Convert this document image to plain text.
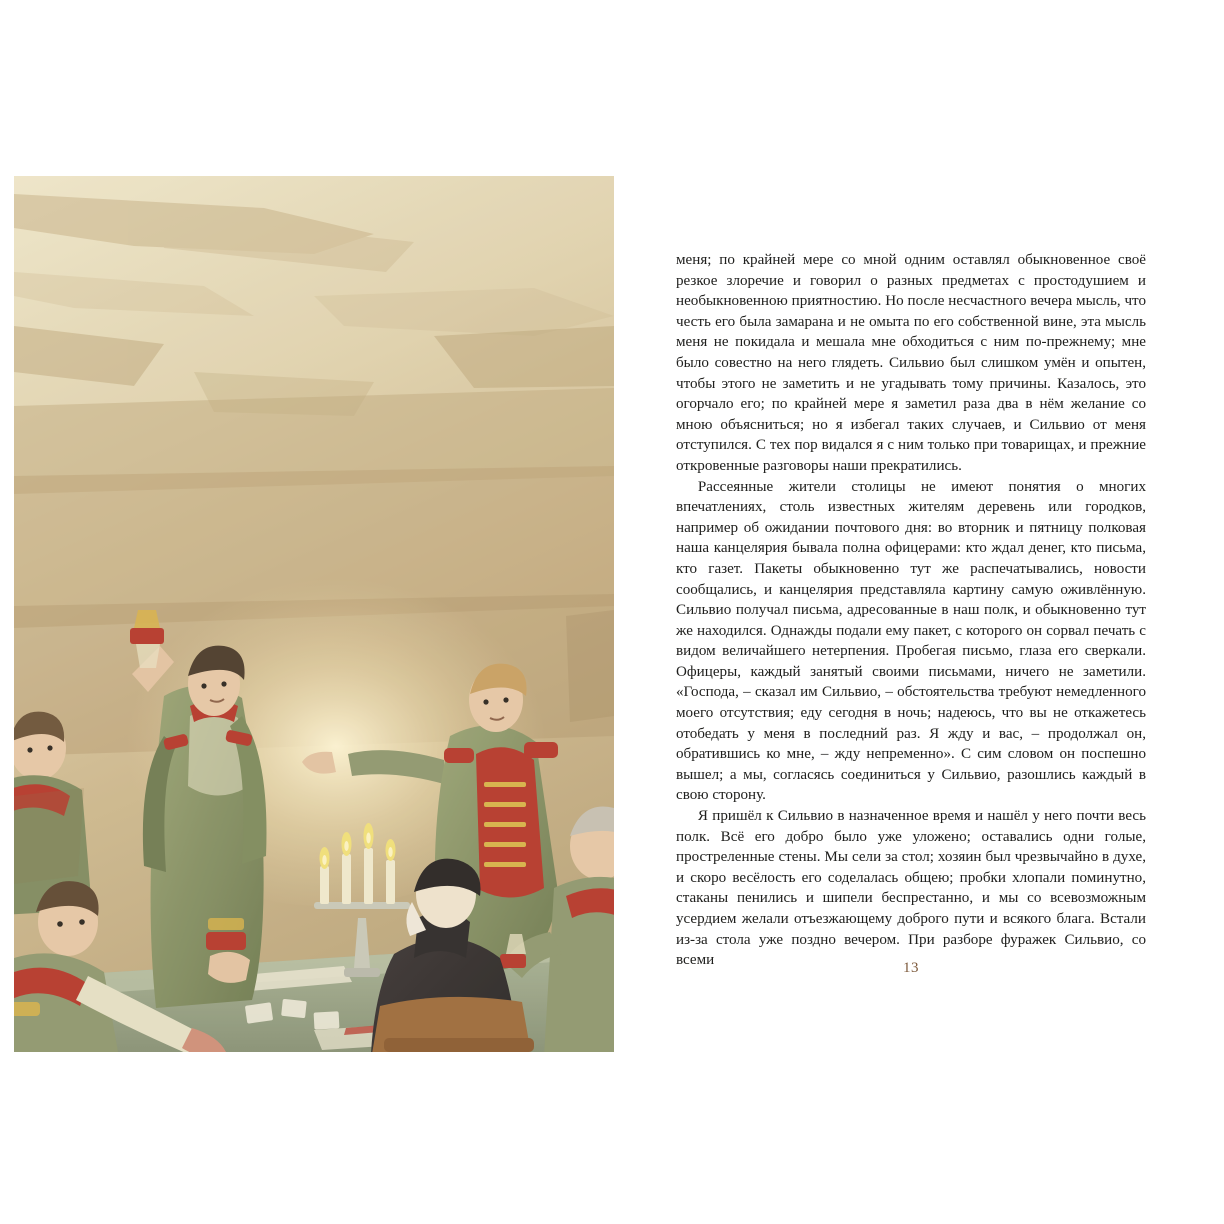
меня; по крайней мере со мной одним оставлял обыкновенное своё резкое злоречие и говорил о разных предметах с простодушием и необыкновенною приятностию. Но после несчастного вечера мысль, что честь его была замарана и не омыта по его собственной вине, эта мысль меня не покидала и мешала мне обходиться с ним по-прежнему; мне было совестно на него глядеть. Сильвио был слишком умён и опытен, чтобы этого не заметить и не угадывать тому причины. Казалось, это огорчало его; по крайней мере я заметил раза два в нём желание со мною объясниться; но я избегал таких случаев, и Сильвио от меня отступился. С тех пор видался я с ним только при товарищах, и прежние откровенные разговоры наши прекратились.

Рассеянные жители столицы не имеют понятия о многих впечатлениях, столь известных жителям деревень или городков, например об ожидании почтового дня: во вторник и пятницу полковая наша канцелярия бывала полна офицерами: кто ждал денег, кто письма, кто газет. Пакеты обыкновенно тут же распечатывались, новости сообщались, и канцелярия представляла картину самую оживлённую. Сильвио получал письма, адресованные в наш полк, и обыкновенно тут же находился. Однажды подали ему пакет, с которого он сорвал печать с видом величайшего нетерпения. Пробегая письмо, глаза его сверкали. Офицеры, каждый занятый своими письмами, ничего не заметили. «Господа, – сказал им Сильвио, – обстоятельства требуют немедленного моего отсутствия; еду сегодня в ночь; надеюсь, что вы не откажетесь отобедать у меня в последний раз. Я жду и вас, – продолжал он, обратившись ко мне, – жду непременно». С сим словом он поспешно вышел; а мы, согласясь соединиться у Сильвио, разошлись каждый в свою сторону.

Я пришёл к Сильвио в назначенное время и нашёл у него почти весь полк. Всё его добро было уже уложено; оставались одни голые, простреленные стены. Мы сели за стол; хозяин был чрезвычайно в духе, и скоро весёлость его соделалась общею; пробки хлопали поминутно, стаканы пенились и шипели беспрестанно, и мы со всевозможным усердием желали отъезжающему доброго пути и всякого блага. Встали из-за стола уже поздно вечером. При разборе фуражек Сильвио, со всеми	13
